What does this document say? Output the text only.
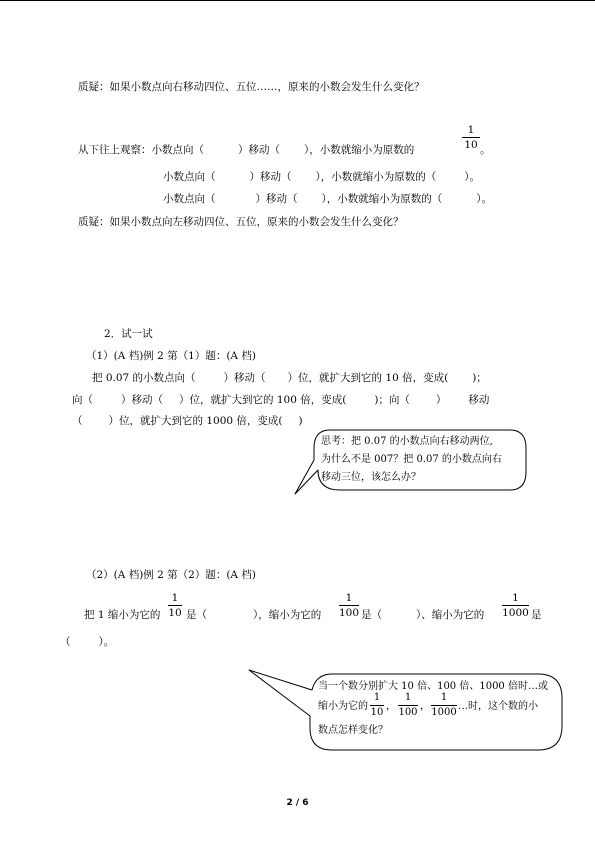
质疑：如果小数点向右移动四位、五位……，原来的小数会发生什么变化？
从下往上观察：小数点向（	）移动（ ），小数就缩小为原数的
1
10 。
小数点向（	）移动（ ），小数就缩小为原数的（	）。
小数点向（	）移动（ ），小数就缩小为原数的（	）。
质疑：如果小数点向左移动四位、五位，原来的小数会发生什么变化？
2．试一试
（1）(A 档)例 2 第（1）题：(A 档)
把 0.07 的小数点向（	）移动（ ）位，就扩大到它的 10 倍，变成( )；
向（	）移动（ ）位，就扩大到它的 100 倍，变成(	)；向（ ） 移动
（ ）位，就扩大到它的 1000 倍，变成( )
思考：把 0.07 的小数点向右移动两位,
为什么不是 007？把 0.07 的小数点向右
移动三位，该怎么办？
（2）(A 档)例 2 第（2）题：(A 档)
把 1 缩小为它的
1
10 是（	），缩小为它的
1
100 是（	）、缩小为它的
1
1000 是
（	）。
当一个数分别扩大 10 倍、100 倍、1000 倍时…或
缩小为它的
1
10
，
1
100
，
1
1000
…时，这个数的小
数点怎样变化？
2 / 6
